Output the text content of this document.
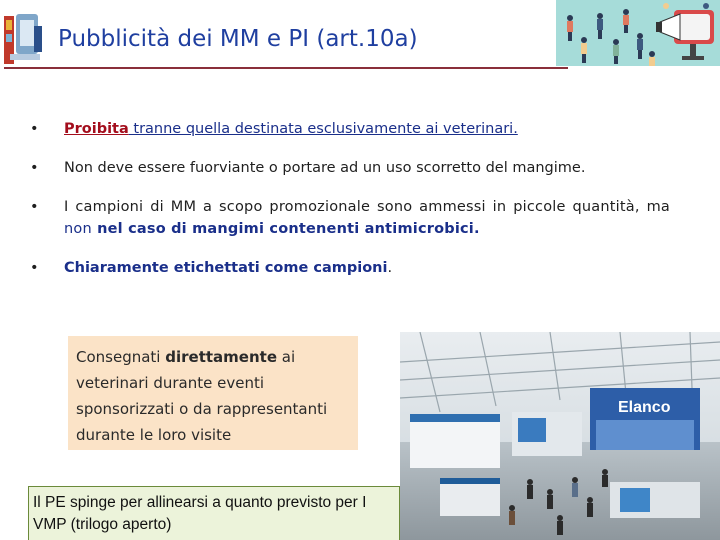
Pubblicità dei MM e PI (art.10a)
• Proibita tranne quella destinata esclusivamente ai veterinari.
• Non deve essere fuorviante o portare ad un uso scorretto del mangime.
• I campioni di MM a scopo promozionale sono ammessi in piccole quantità, ma non nel caso di mangimi contenenti antimicrobici.
• Chiaramente etichettati come campioni.
Consegnati direttamente ai veterinari durante eventi sponsorizzati o da rappresentanti durante le loro visite
Il PE spinge per allinearsi a quanto previsto per I VMP (trilogo aperto)
Elanco
